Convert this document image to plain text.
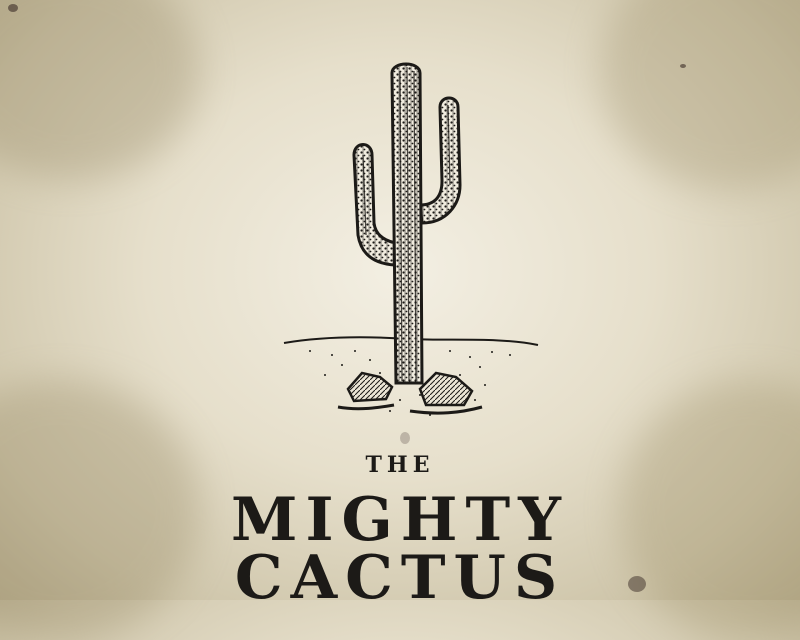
THE
MIGHTY
CACTUS
